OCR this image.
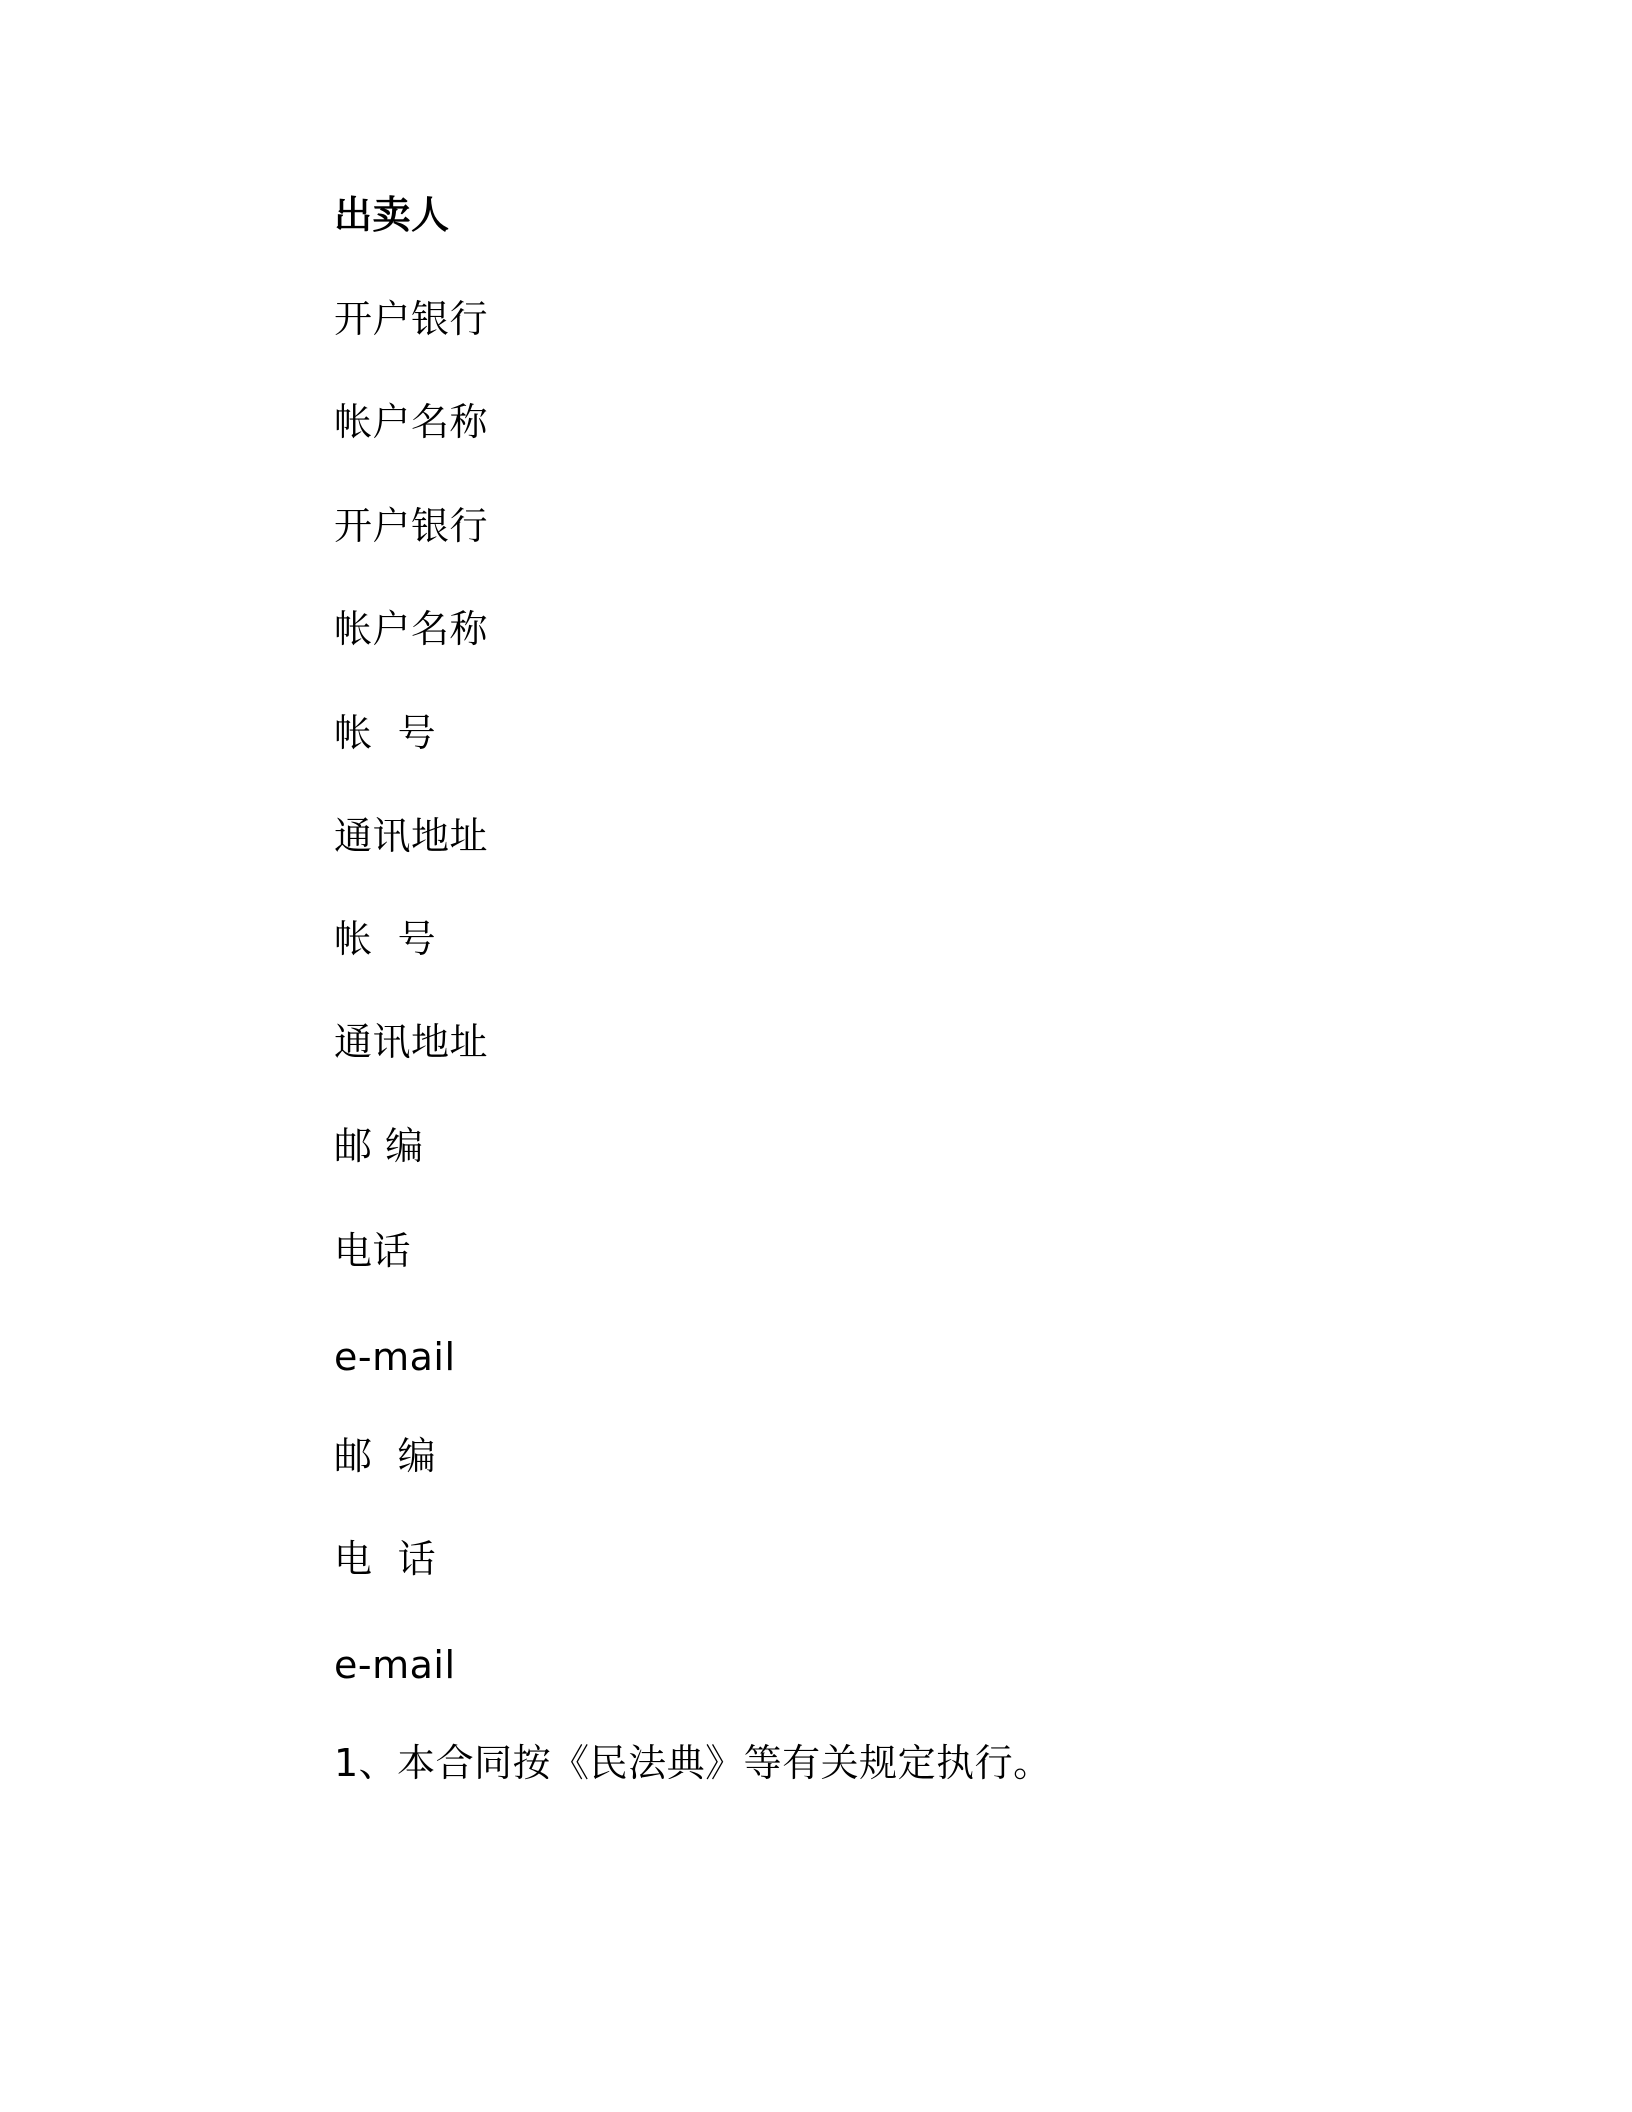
出卖人
开户银行
帐户名称
开户银行
帐户名称
帐  号
通讯地址
帐  号
通讯地址
邮 编
电话
e-mail
邮  编
电  话
e-mail
1、本合同按《民法典》等有关规定执行。
